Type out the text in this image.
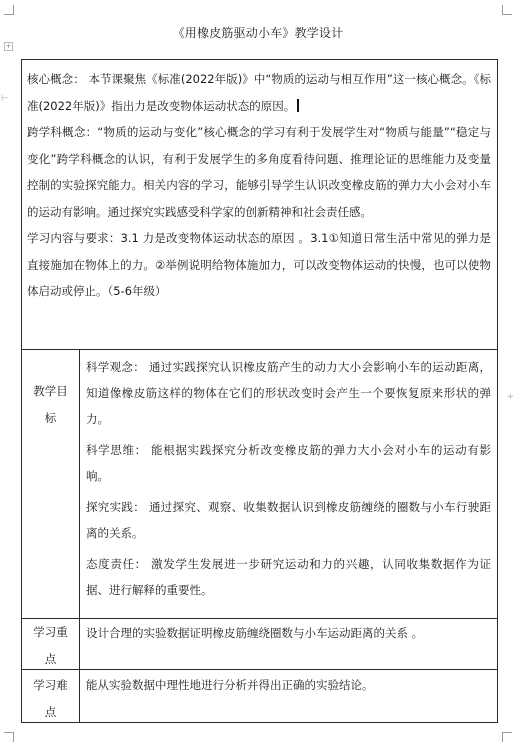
《用橡皮筋驱动小车》教学设计
+
⊢
+

核心概念： 本节课聚焦《标准(2022年版)》中“物质的运动与相互作用”这一核心概念。《标准(2022年版)》指出力是改变物体运动状态的原因。

跨学科概念：“物质的运动与变化”核心概念的学习有利于发展学生对“物质与能量”“稳定与变化”跨学科概念的认识，有利于发展学生的多角度看待问题、推理论证的思维能力及变量控制的实验探究能力。相关内容的学习，能够引导学生认识改变橡皮筋的弹力大小会对小车的运动有影响。通过探究实践感受科学家的创新精神和社会责任感。

学习内容与要求：3.1 力是改变物体运动状态的原因 。3.1①知道日常生活中常见的弹力是直接施加在物体上的力。②举例说明给物体施加力，可以改变物体运动的快慢，也可以使物体启动或停止。（5-6年级）

教学目标

科学观念： 通过实践探究认识橡皮筋产生的动力大小会影响小车的运动距离，知道像橡皮筋这样的物体在它们的形状改变时会产生一个要恢复原来形状的弹力。

科学思维： 能根据实践探究分析改变橡皮筋的弹力大小会对小车的运动有影响。

探究实践： 通过探究、观察、收集数据认识到橡皮筋缠绕的圈数与小车行驶距离的关系。

态度责任： 激发学生发展进一步研究运动和力的兴趣，认同收集数据作为证据、进行解释的重要性。

学习重点

设计合理的实验数据证明橡皮筋缠绕圈数与小车运动距离的关系 。

学习难点

能从实验数据中理性地进行分析并得出正确的实验结论。
